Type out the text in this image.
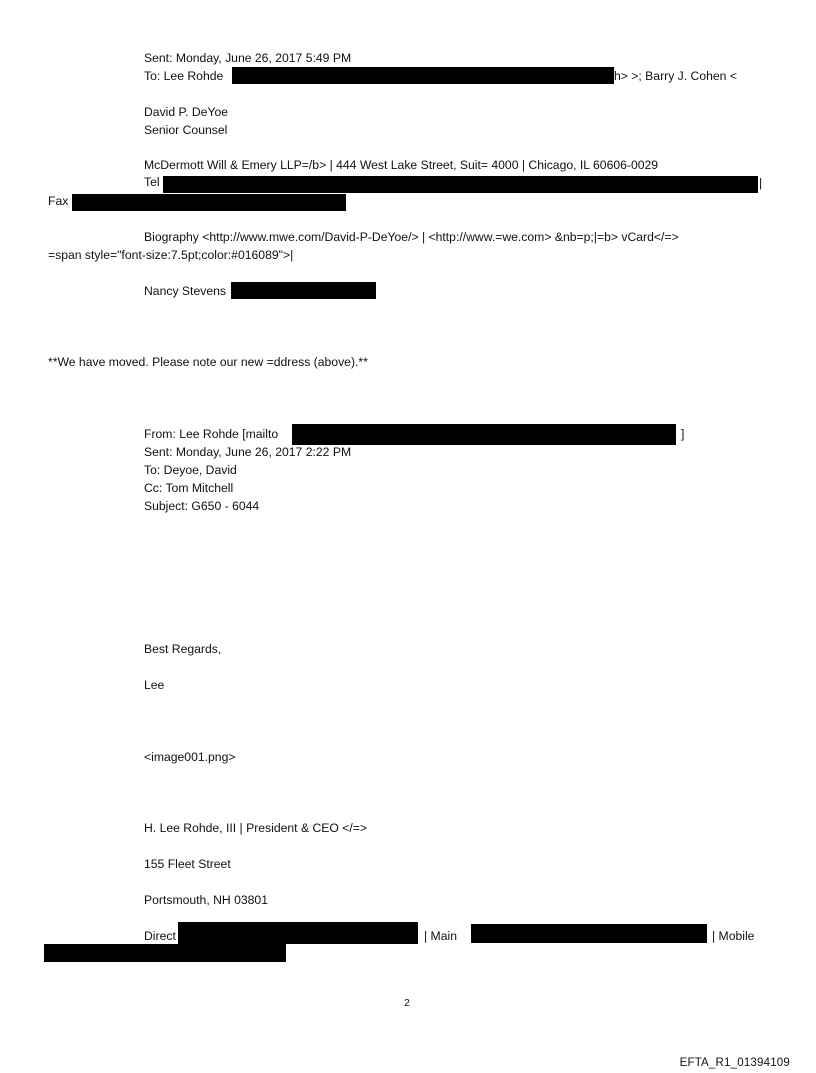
Sent: Monday, June 26, 2017 5:49 PM
To: Lee Rohde	h> >; Barry J. Cohen <
David P. DeYoe
Senior Counsel
McDermott Will & Emery LLP=/b> | 444 West Lake Street, Suit= 4000 | Chicago, IL 60606-0029
Tel	|
Fax
Biography <http://www.mwe.com/David-P-DeYoe/> | <http://www.=we.com> &nb=p;|=b> vCard</=>
=span style="font-size:7.5pt;color:#016089">|
Nancy Stevens
**We have moved. Please note our new =ddress (above).**
From: Lee Rohde [mailto	]
Sent: Monday, June 26, 2017 2:22 PM
To: Deyoe, David
Cc: Tom Mitchell
Subject: G650 - 6044
Best Regards,
Lee
<image001.png>
H. Lee Rohde, III | President & CEO </=>
155 Fleet Street
Portsmouth, NH 03801
Direct	| Main	| Mobile
2
EFTA_R1_01394109
